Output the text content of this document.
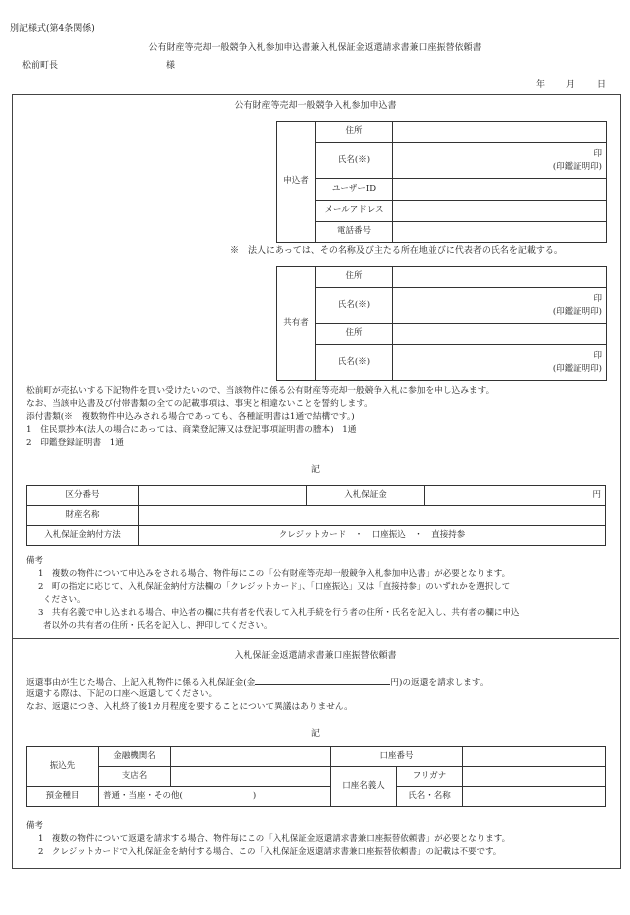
別記様式(第4条関係)
公有財産等売却一般競争入札参加申込書兼入札保証金返還請求書兼口座振替依頼書
松前町長	様
年 月 日
公有財産等売却一般競争入札参加申込書
申込者	住所	
	氏名(※)	印
(印鑑証明印)

	ユーザーID	
	メールアドレス	
	電話番号	
※　法人にあっては、その名称及び主たる所在地並びに代表者の氏名を記載する。
共有者	住所	
	氏名(※)	印
(印鑑証明印)

	住所	
	氏名(※)	印
(印鑑証明印)
松前町が売払いする下記物件を買い受けたいので、当該物件に係る公有財産等売却一般競争入札に参加を申し込みます。
なお、当該申込書及び付帯書類の全ての記載事項は、事実と相違ないことを誓約します。
添付書類(※　複数物件申込みされる場合であっても、各種証明書は1通で結構です。)
1　住民票抄本(法人の場合にあっては、商業登記簿又は登記事項証明書の謄本)　1通
2　印鑑登録証明書　1通
記
区分番号		入札保証金	円
財産名称			
入札保証金納付方法	クレジットカード　・　口座振込　・　直接持参		
備考
1　複数の物件について申込みをされる場合、物件毎にこの「公有財産等売却一般競争入札参加申込書」が必要となります。
2　町の指定に応じて、入札保証金納付方法欄の「クレジットカード」、「口座振込」又は「直接持参」のいずれかを選択して
ください。
3　共有名義で申し込まれる場合、申込者の欄に共有者を代表して入札手続を行う者の住所・氏名を記入し、共有者の欄に申込
者以外の共有者の住所・氏名を記入し、押印してください。
入札保証金返還請求書兼口座振替依頼書
返還事由が生じた場合、上記入札物件に係る入札保証金(金	円)の返還を請求します。
返還する際は、下記の口座へ返還してください。
なお、返還につき、入札終了後1カ月程度を要することについて異議はありません。
記
振込先	金融機関名		口座番号		
	支店名		口座名義人	フリガナ	
預金種目	普通・当座・その他( )			氏名・名称	
備考
1　複数の物件について返還を請求する場合、物件毎にこの「入札保証金返還請求書兼口座振替依頼書」が必要となります。
2　クレジットカードで入札保証金を納付する場合、この「入札保証金返還請求書兼口座振替依頼書」の記載は不要です。
